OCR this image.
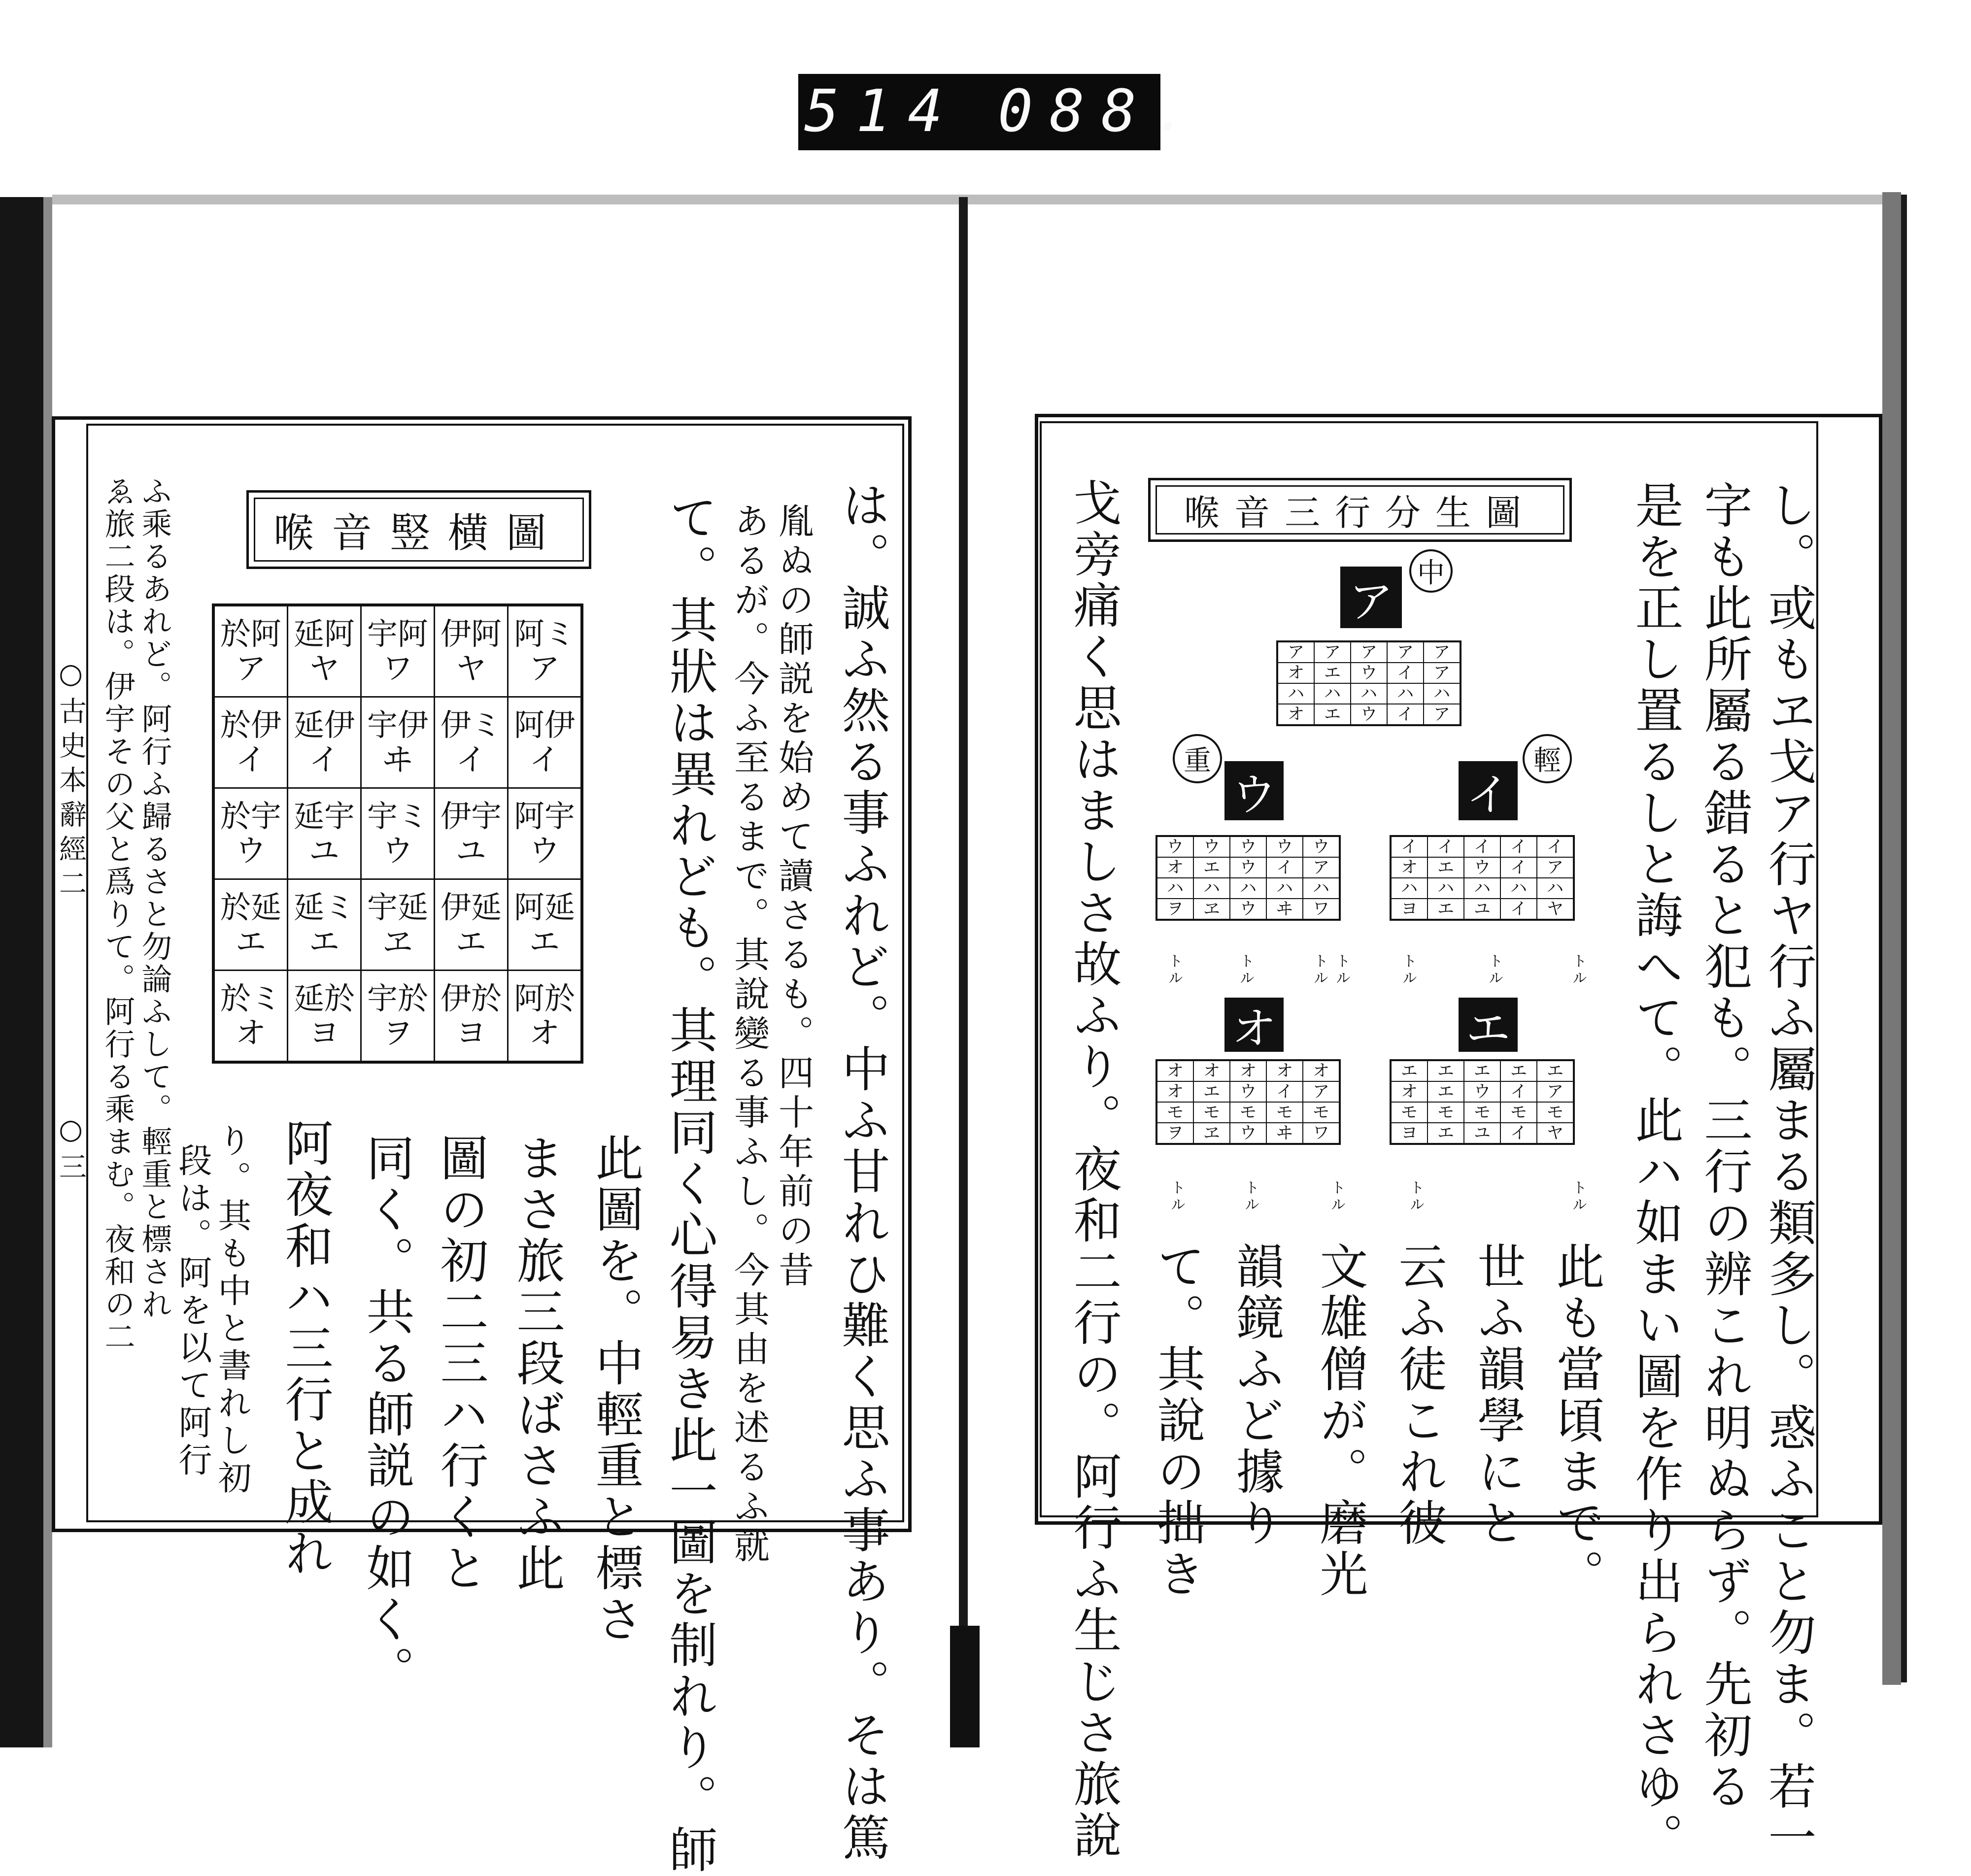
514 088.
○古史本辭經二
○三
喉音竪横圖
於阿ア	延阿ヤ	宇阿ワ	伊阿ヤ	阿ミア
於伊イ	延伊イ	宇伊ヰ	伊ミイ	阿伊イ
於宇ウ	延宇ユ	宇ミウ	伊宇ユ	阿宇ウ
於延エ	延ミエ	宇延ヱ	伊延エ	阿延エ
於ミオ	延於ヨ	宇於ヲ	伊於ヨ	阿於オ	は。誠ふ然る事ふれど。中ふ甘れひ難く思ふ事あり。そは篤
胤ぬの師説を始めて讀さるも。四十年前の昔
あるが。今ふ至るまで。其說變る事ふし。今其由を述るふ就
て。其狀は異れども。其理同く心得易き此一圖を制れり。師
此圖を。中輕重と標さ
まさ旅三段ばさふ此
圖の初二三ハ行くと
同く。共る師説の如く。
阿夜和ハ三行と成れ
り。其も中と書れし初
段は。阿を以て阿行
ふ乘るあれど。阿行ふ歸るさと勿論ふして。輕重と標され
ゑ旅二段は。伊宇その父と爲りて。阿行る乘まむ。夜和の二	喉音三行分生圖
中
ア
ア	ア	ア	ア	ア
オ	エ	ウ	イ	ア
ハ	ハ	ハ	ハ	ハ
オ	エ	ウ	イ	ア
重
ウ
ウ	ウ	ウ	ウ	ウ
オ	エ	ウ	イ	ア
ハ	ハ	ハ	ハ	ハ
ヲ	ヱ	ウ	ヰ	ワ
輕
イ
イ	イ	イ	イ	イ
オ	エ	ウ	イ	ア
ハ	ハ	ハ	ハ	ハ
ヨ	エ	ユ	イ	ヤ
オ
オ	オ	オ	オ	オ
オ	エ	ウ	イ	ア
モ	モ	モ	モ	モ
ヲ	ヱ	ウ	ヰ	ワ
エ
エ	エ	エ	エ	エ
オ	エ	ウ	イ	ア
モ	モ	モ	モ	モ
ヨ	エ	ユ	イ	ヤ
トル	トル	トル トル	トル	トル	トル
トル	トル	トル	トル	トル	し。或もヱ戈ア行ヤ行ふ屬まる類多し。惑ふこと勿ま。若一
字も此所屬る錯ると犯も。三行の辨これ明ぬらず。先初る
是を正し置るしと誨へて。此ハ如まい圖を作り出られさゆ。
此も當頃まで。
世ふ韻學にと
云ふ徒これ彼
文雄僧が。磨光
韻鏡ふど據り
て。其說の拙き
戈旁痛く思はましさ故ふり。夜和二行の。阿行ふ生じさ旅說
